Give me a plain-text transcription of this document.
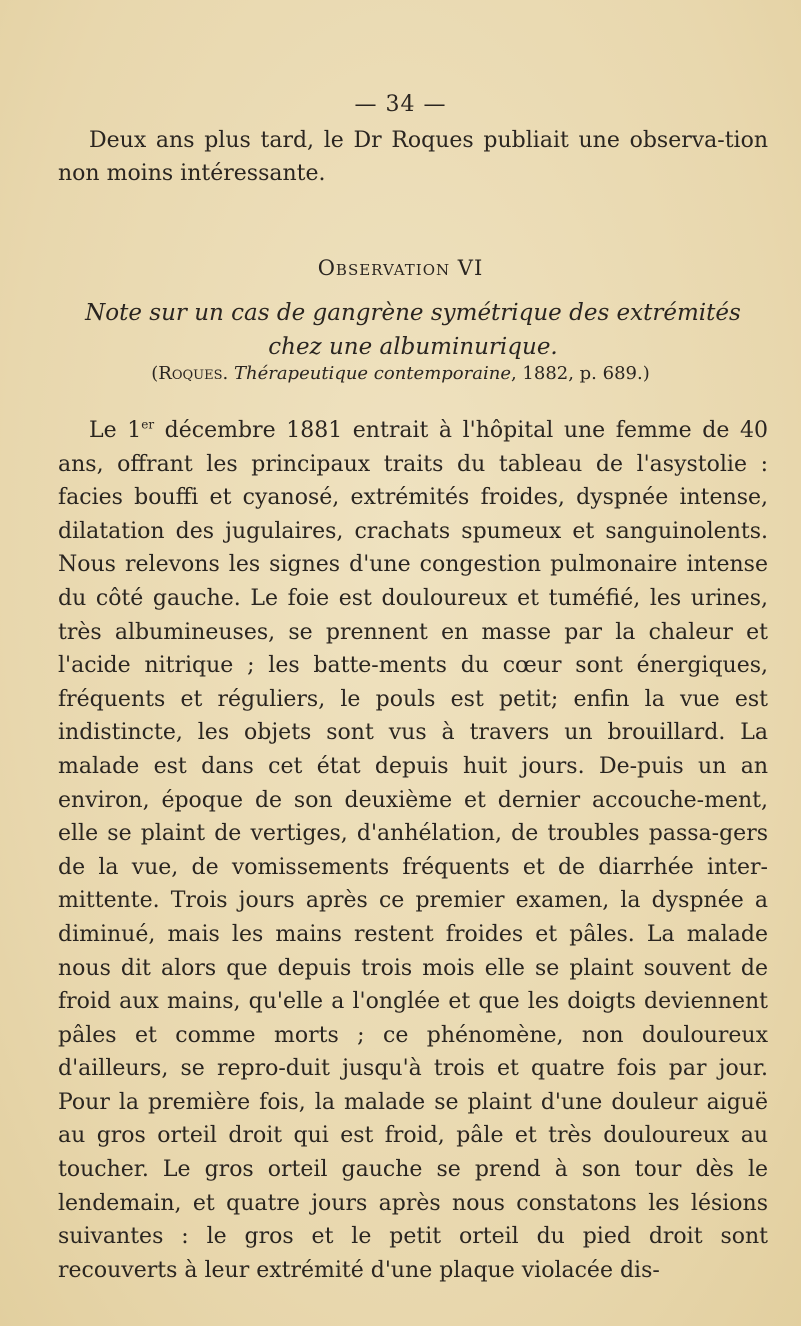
— 34 —
Deux ans plus tard, le Dr Roques publiait une observa-tion non moins intéressante.
Observation VI
Note sur un cas de gangrène symétrique des extrémités chez une albuminurique.
(Roques. Thérapeutique contemporaine, 1882, p. 689.)
Le 1er décembre 1881 entrait à l'hôpital une femme de 40 ans, offrant les principaux traits du tableau de l'asystolie : facies bouffi et cyanosé, extrémités froides, dyspnée intense, dilatation des jugulaires, crachats spumeux et sanguinolents. Nous relevons les signes d'une congestion pulmonaire intense du côté gauche. Le foie est douloureux et tuméfié, les urines, très albumineuses, se prennent en masse par la chaleur et l'acide nitrique ; les batte-ments du cœur sont énergiques, fréquents et réguliers, le pouls est petit; enfin la vue est indistincte, les objets sont vus à travers un brouillard. La malade est dans cet état depuis huit jours. De-puis un an environ, époque de son deuxième et dernier accouche-ment, elle se plaint de vertiges, d'anhélation, de troubles passa-gers de la vue, de vomissements fréquents et de diarrhée inter-mittente. Trois jours après ce premier examen, la dyspnée a diminué, mais les mains restent froides et pâles. La malade nous dit alors que depuis trois mois elle se plaint souvent de froid aux mains, qu'elle a l'onglée et que les doigts deviennent pâles et comme morts ; ce phénomène, non douloureux d'ailleurs, se repro-duit jusqu'à trois et quatre fois par jour. Pour la première fois, la malade se plaint d'une douleur aiguë au gros orteil droit qui est froid, pâle et très douloureux au toucher. Le gros orteil gauche se prend à son tour dès le lendemain, et quatre jours après nous constatons les lésions suivantes : le gros et le petit orteil du pied droit sont recouverts à leur extrémité d'une plaque violacée dis-
